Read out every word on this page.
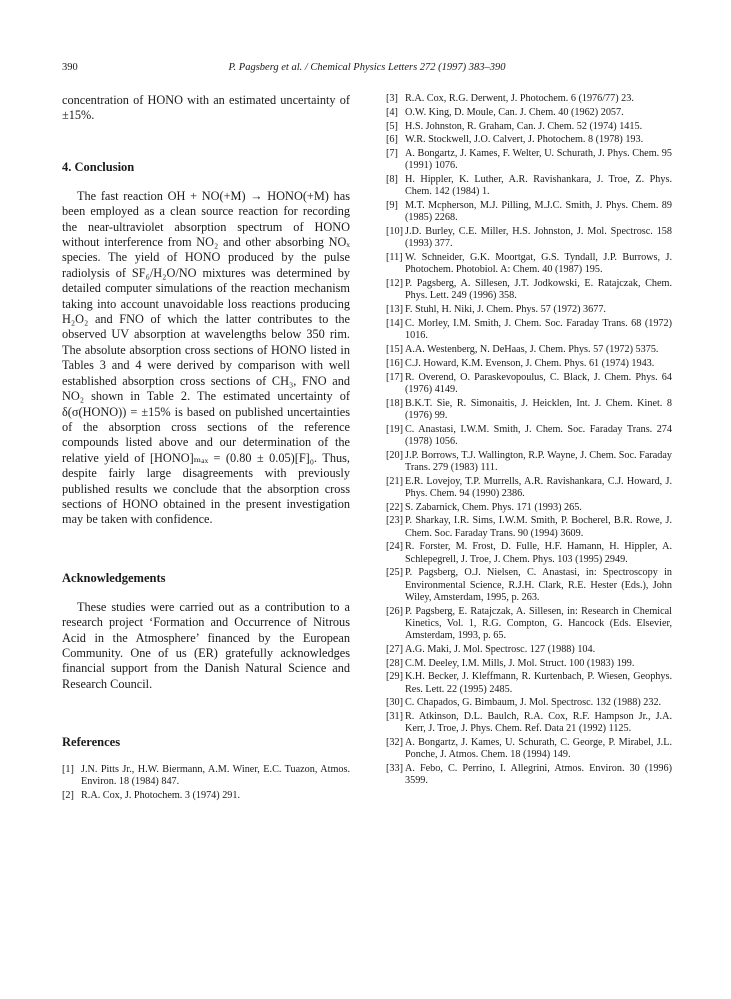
390	P. Pagsberg et al. / Chemical Physics Letters 272 (1997) 383–390

concentration of HONO with an estimated uncertainty of ±15%.

4. Conclusion

The fast reaction OH + NO(+M) → HONO(+M) has been employed as a clean source reaction for recording the near-ultraviolet absorption spectrum of HONO without interference from NO₂ and other absorbing NOₓ species. The yield of HONO produced by the pulse radiolysis of SF₆/H₂O/NO mixtures was determined by detailed computer simulations of the reaction mechanism taking into account unavoidable loss reactions producing H₂O₂ and FNO of which the latter contributes to the observed UV absorption at wavelengths below 350 rim. The absolute absorption cross sections of HONO listed in Tables 3 and 4 were derived by comparison with well established absorption cross sections of CH₃, FNO and NO₂ shown in Table 2. The estimated uncertainty of δ(σ(HONO)) = ±15% is based on published uncertainties of the absorption cross sections of the reference compounds listed above and our determination of the relative yield of [HONO]ₘₐₓ = (0.80 ± 0.05)[F]₀. Thus, despite fairly large disagreements with previously published results we conclude that the absorption cross sections of HONO obtained in the present investigation may be taken with confidence.

Acknowledgements

These studies were carried out as a contribution to a research project ‘Formation and Occurrence of Nitrous Acid in the Atmosphere’ financed by the European Community. One of us (ER) gratefully acknowledges financial support from the Danish Natural Science and Research Council.

References
[1] J.N. Pitts Jr., H.W. Biermann, A.M. Winer, E.C. Tuazon, Atmos. Environ. 18 (1984) 847.
[2] R.A. Cox, J. Photochem. 3 (1974) 291.
[3] R.A. Cox, R.G. Derwent, J. Photochem. 6 (1976/77) 23.
[4] O.W. King, D. Moule, Can. J. Chem. 40 (1962) 2057.
[5] H.S. Johnston, R. Graham, Can. J. Chem. 52 (1974) 1415.
[6] W.R. Stockwell, J.O. Calvert, J. Photochem. 8 (1978) 193.
[7] A. Bongartz, J. Kames, F. Welter, U. Schurath, J. Phys. Chem. 95 (1991) 1076.
[8] H. Hippler, K. Luther, A.R. Ravishankara, J. Troe, Z. Phys. Chem. 142 (1984) 1.
[9] M.T. Mcpherson, M.J. Pilling, M.J.C. Smith, J. Phys. Chem. 89 (1985) 2268.
[10] J.D. Burley, C.E. Miller, H.S. Johnston, J. Mol. Spectrosc. 158 (1993) 377.
[11] W. Schneider, G.K. Moortgat, G.S. Tyndall, J.P. Burrows, J. Photochem. Photobiol. A: Chem. 40 (1987) 195.
[12] P. Pagsberg, A. Sillesen, J.T. Jodkowski, E. Ratajczak, Chem. Phys. Lett. 249 (1996) 358.
[13] F. Stuhl, H. Niki, J. Chem. Phys. 57 (1972) 3677.
[14] C. Morley, I.M. Smith, J. Chem. Soc. Faraday Trans. 68 (1972) 1016.
[15] A.A. Westenberg, N. DeHaas, J. Chem. Phys. 57 (1972) 5375.
[16] C.J. Howard, K.M. Evenson, J. Chem. Phys. 61 (1974) 1943.
[17] R. Overend, O. Paraskevopoulus, C. Black, J. Chem. Phys. 64 (1976) 4149.
[18] B.K.T. Sie, R. Simonaitis, J. Heicklen, Int. J. Chem. Kinet. 8 (1976) 99.
[19] C. Anastasi, I.W.M. Smith, J. Chem. Soc. Faraday Trans. 274 (1978) 1056.
[20] J.P. Borrows, T.J. Wallington, R.P. Wayne, J. Chem. Soc. Faraday Trans. 279 (1983) 111.
[21] E.R. Lovejoy, T.P. Murrells, A.R. Ravishankara, C.J. Howard, J. Phys. Chem. 94 (1990) 2386.
[22] S. Zabarnick, Chem. Phys. 171 (1993) 265.
[23] P. Sharkay, I.R. Sims, I.W.M. Smith, P. Bocherel, B.R. Rowe, J. Chem. Soc. Faraday Trans. 90 (1994) 3609.
[24] R. Forster, M. Frost, D. Fulle, H.F. Hamann, H. Hippler, A. Schlepegrell, J. Troe, J. Chem. Phys. 103 (1995) 2949.
[25] P. Pagsberg, O.J. Nielsen, C. Anastasi, in: Spectroscopy in Environmental Science, R.J.H. Clark, R.E. Hester (Eds.), John Wiley, Amsterdam, 1995, p. 263.
[26] P. Pagsberg, E. Ratajczak, A. Sillesen, in: Research in Chemical Kinetics, Vol. 1, R.G. Compton, G. Hancock (Eds. Elsevier, Amsterdam, 1993, p. 65.
[27] A.G. Maki, J. Mol. Spectrosc. 127 (1988) 104.
[28] C.M. Deeley, I.M. Mills, J. Mol. Struct. 100 (1983) 199.
[29] K.H. Becker, J. Kleffmann, R. Kurtenbach, P. Wiesen, Geophys. Res. Lett. 22 (1995) 2485.
[30] C. Chapados, G. Bimbaum, J. Mol. Spectrosc. 132 (1988) 232.
[31] R. Atkinson, D.L. Baulch, R.A. Cox, R.F. Hampson Jr., J.A. Kerr, J. Troe, J. Phys. Chem. Ref. Data 21 (1992) 1125.
[32] A. Bongartz, J. Kames, U. Schurath, C. George, P. Mirabel, J.L. Ponche, J. Atmos. Chem. 18 (1994) 149.
[33] A. Febo, C. Perrino, I. Allegrini, Atmos. Environ. 30 (1996) 3599.
